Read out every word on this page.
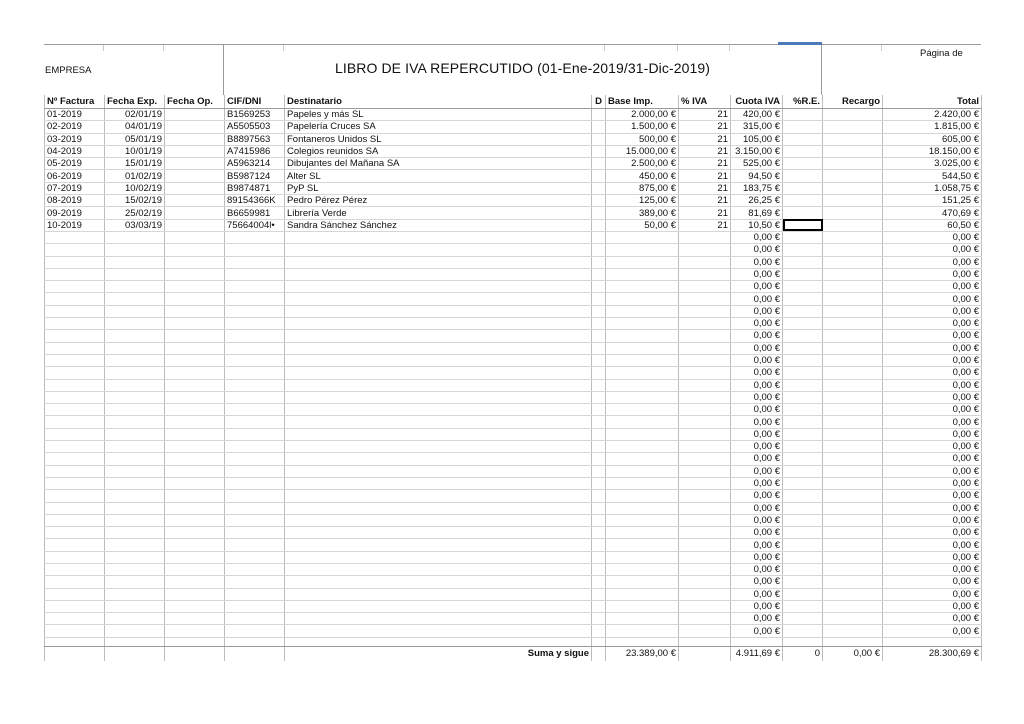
EMPRESA	LIBRO DE IVA REPERCUTIDO (01-Ene-2019/31-Dic-2019)
Página de
Nº Factura	Fecha Exp.	Fecha Op.	CIF/DNI	Destinatario	D	Base Imp.	% IVA	Cuota IVA	%R.E.	Recargo	Total
01-2019	02/01/19		B1569253	Papeles y más SL		2.000,00 €	21	420,00 €			2.420,00 €
02-2019	04/01/19		A5505503	Papelería Cruces SA		1.500,00 €	21	315,00 €			1.815,00 €
03-2019	05/01/19		B8897563	Fontaneros Unidos SL		500,00 €	21	105,00 €			605,00 €
04-2019	10/01/19		A7415986	Colegios reunidos SA		15.000,00 €	21	3.150,00 €			18.150,00 €
05-2019	15/01/19		A5963214	Dibujantes del Mañana SA		2.500,00 €	21	525,00 €			3.025,00 €
06-2019	01/02/19		B5987124	Alter SL		450,00 €	21	94,50 €			544,50 €
07-2019	10/02/19		B9874871	PyP SL		875,00 €	21	183,75 €			1.058,75 €
08-2019	15/02/19		89154366K	Pedro Pérez Pérez		125,00 €	21	26,25 €			151,25 €
09-2019	25/02/19		B6659981	Librería Verde		389,00 €	21	81,69 €			470,69 €
10-2019	03/03/19		75664004l•	Sandra Sánchez Sánchez		50,00 €	21	10,50 €			60,50 €
								0,00 €			0,00 €
								0,00 €			0,00 €
								0,00 €			0,00 €
								0,00 €			0,00 €
								0,00 €			0,00 €
								0,00 €			0,00 €
								0,00 €			0,00 €
								0,00 €			0,00 €
								0,00 €			0,00 €
								0,00 €			0,00 €
								0,00 €			0,00 €
								0,00 €			0,00 €
								0,00 €			0,00 €
								0,00 €			0,00 €
								0,00 €			0,00 €
								0,00 €			0,00 €
								0,00 €			0,00 €
								0,00 €			0,00 €
								0,00 €			0,00 €
								0,00 €			0,00 €
								0,00 €			0,00 €
								0,00 €			0,00 €
								0,00 €			0,00 €
								0,00 €			0,00 €
								0,00 €			0,00 €
								0,00 €			0,00 €
								0,00 €			0,00 €
								0,00 €			0,00 €
								0,00 €			0,00 €
								0,00 €			0,00 €
								0,00 €			0,00 €
								0,00 €			0,00 €
								0,00 €			0,00 €

				Suma y sigue		23.389,00 €		4.911,69 €	0	0,00 €	28.300,69 €
